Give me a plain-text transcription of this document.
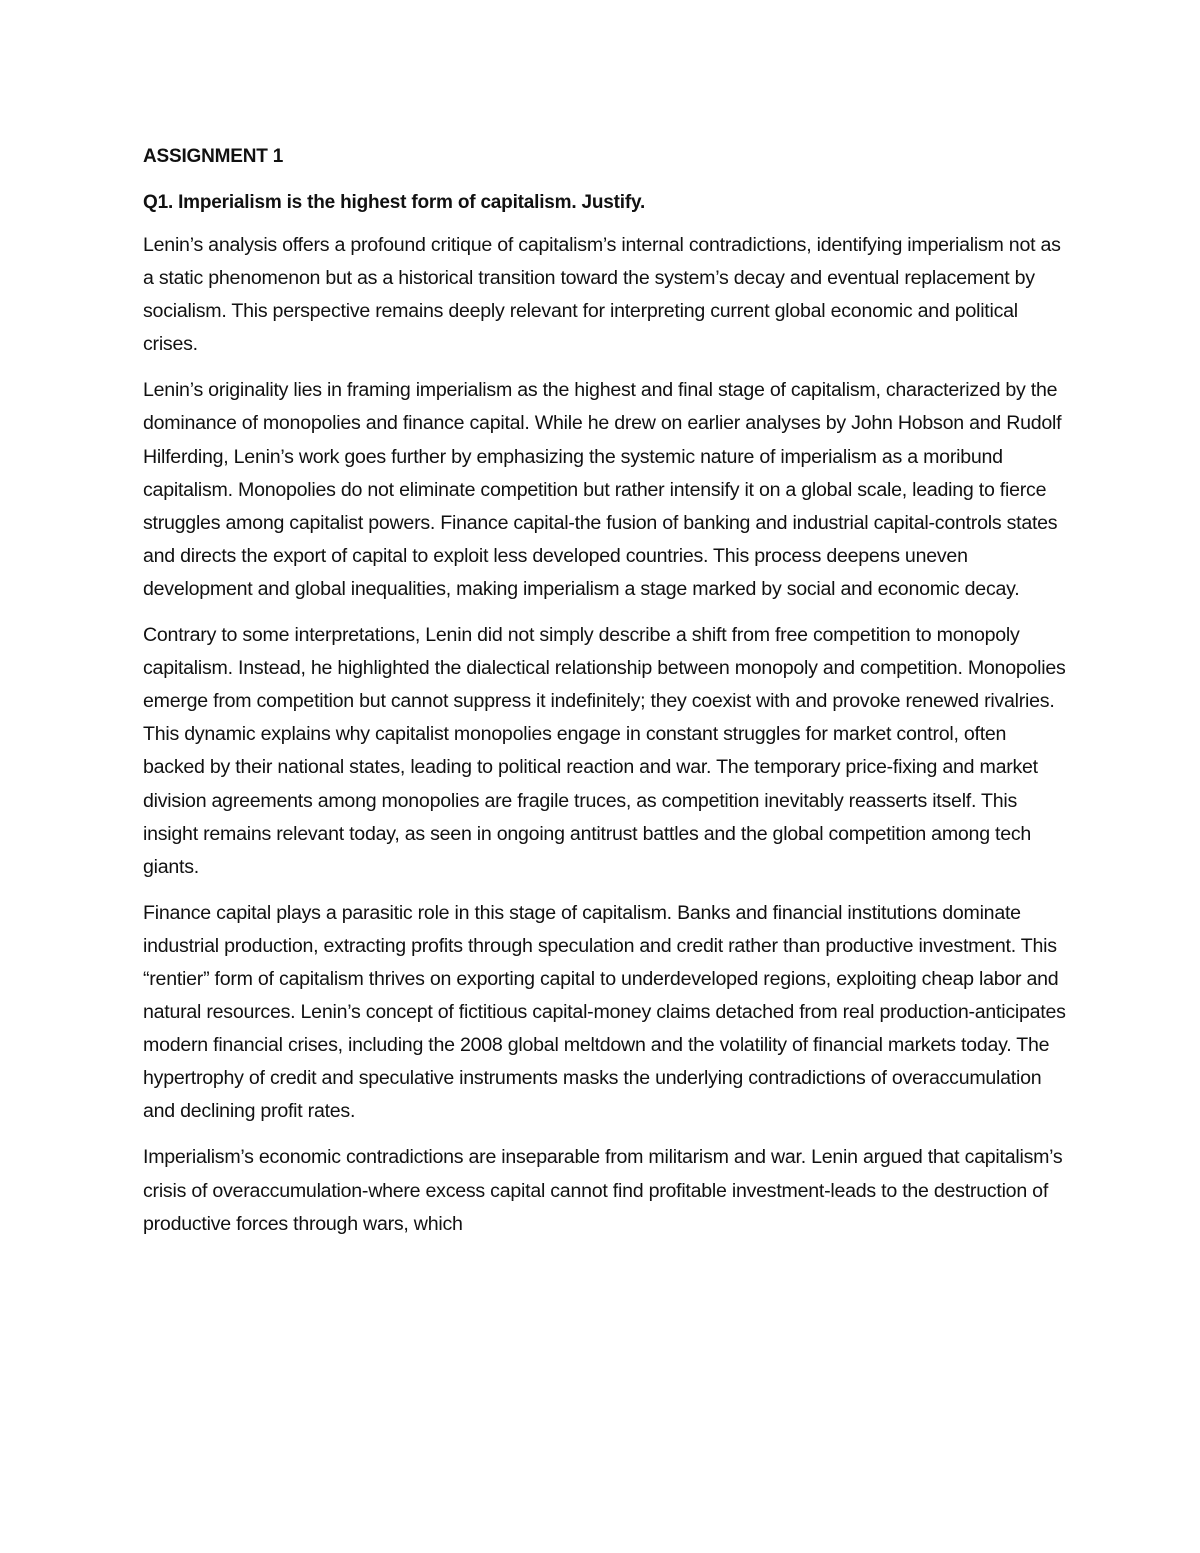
ASSIGNMENT 1
Q1. Imperialism is the highest form of capitalism. Justify.

Lenin’s analysis offers a profound critique of capitalism’s internal contradictions, identifying imperialism not as a static phenomenon but as a historical transition toward the system’s decay and eventual replacement by socialism. This perspective remains deeply relevant for interpreting current global economic and political crises.

Lenin’s originality lies in framing imperialism as the highest and final stage of capitalism, characterized by the dominance of monopolies and finance capital. While he drew on earlier analyses by John Hobson and Rudolf Hilferding, Lenin’s work goes further by emphasizing the systemic nature of imperialism as a moribund capitalism. Monopolies do not eliminate competition but rather intensify it on a global scale, leading to fierce struggles among capitalist powers. Finance capital-the fusion of banking and industrial capital-controls states and directs the export of capital to exploit less developed countries. This process deepens uneven development and global inequalities, making imperialism a stage marked by social and economic decay.

Contrary to some interpretations, Lenin did not simply describe a shift from free competition to monopoly capitalism. Instead, he highlighted the dialectical relationship between monopoly and competition. Monopolies emerge from competition but cannot suppress it indefinitely; they coexist with and provoke renewed rivalries. This dynamic explains why capitalist monopolies engage in constant struggles for market control, often backed by their national states, leading to political reaction and war. The temporary price-fixing and market division agreements among monopolies are fragile truces, as competition inevitably reasserts itself. This insight remains relevant today, as seen in ongoing antitrust battles and the global competition among tech giants.

Finance capital plays a parasitic role in this stage of capitalism. Banks and financial institutions dominate industrial production, extracting profits through speculation and credit rather than productive investment. This “rentier” form of capitalism thrives on exporting capital to underdeveloped regions, exploiting cheap labor and natural resources. Lenin’s concept of fictitious capital-money claims detached from real production-anticipates modern financial crises, including the 2008 global meltdown and the volatility of financial markets today. The hypertrophy of credit and speculative instruments masks the underlying contradictions of overaccumulation and declining profit rates.

Imperialism’s economic contradictions are inseparable from militarism and war. Lenin argued that capitalism’s crisis of overaccumulation-where excess capital cannot find profitable investment-leads to the destruction of productive forces through wars, which
